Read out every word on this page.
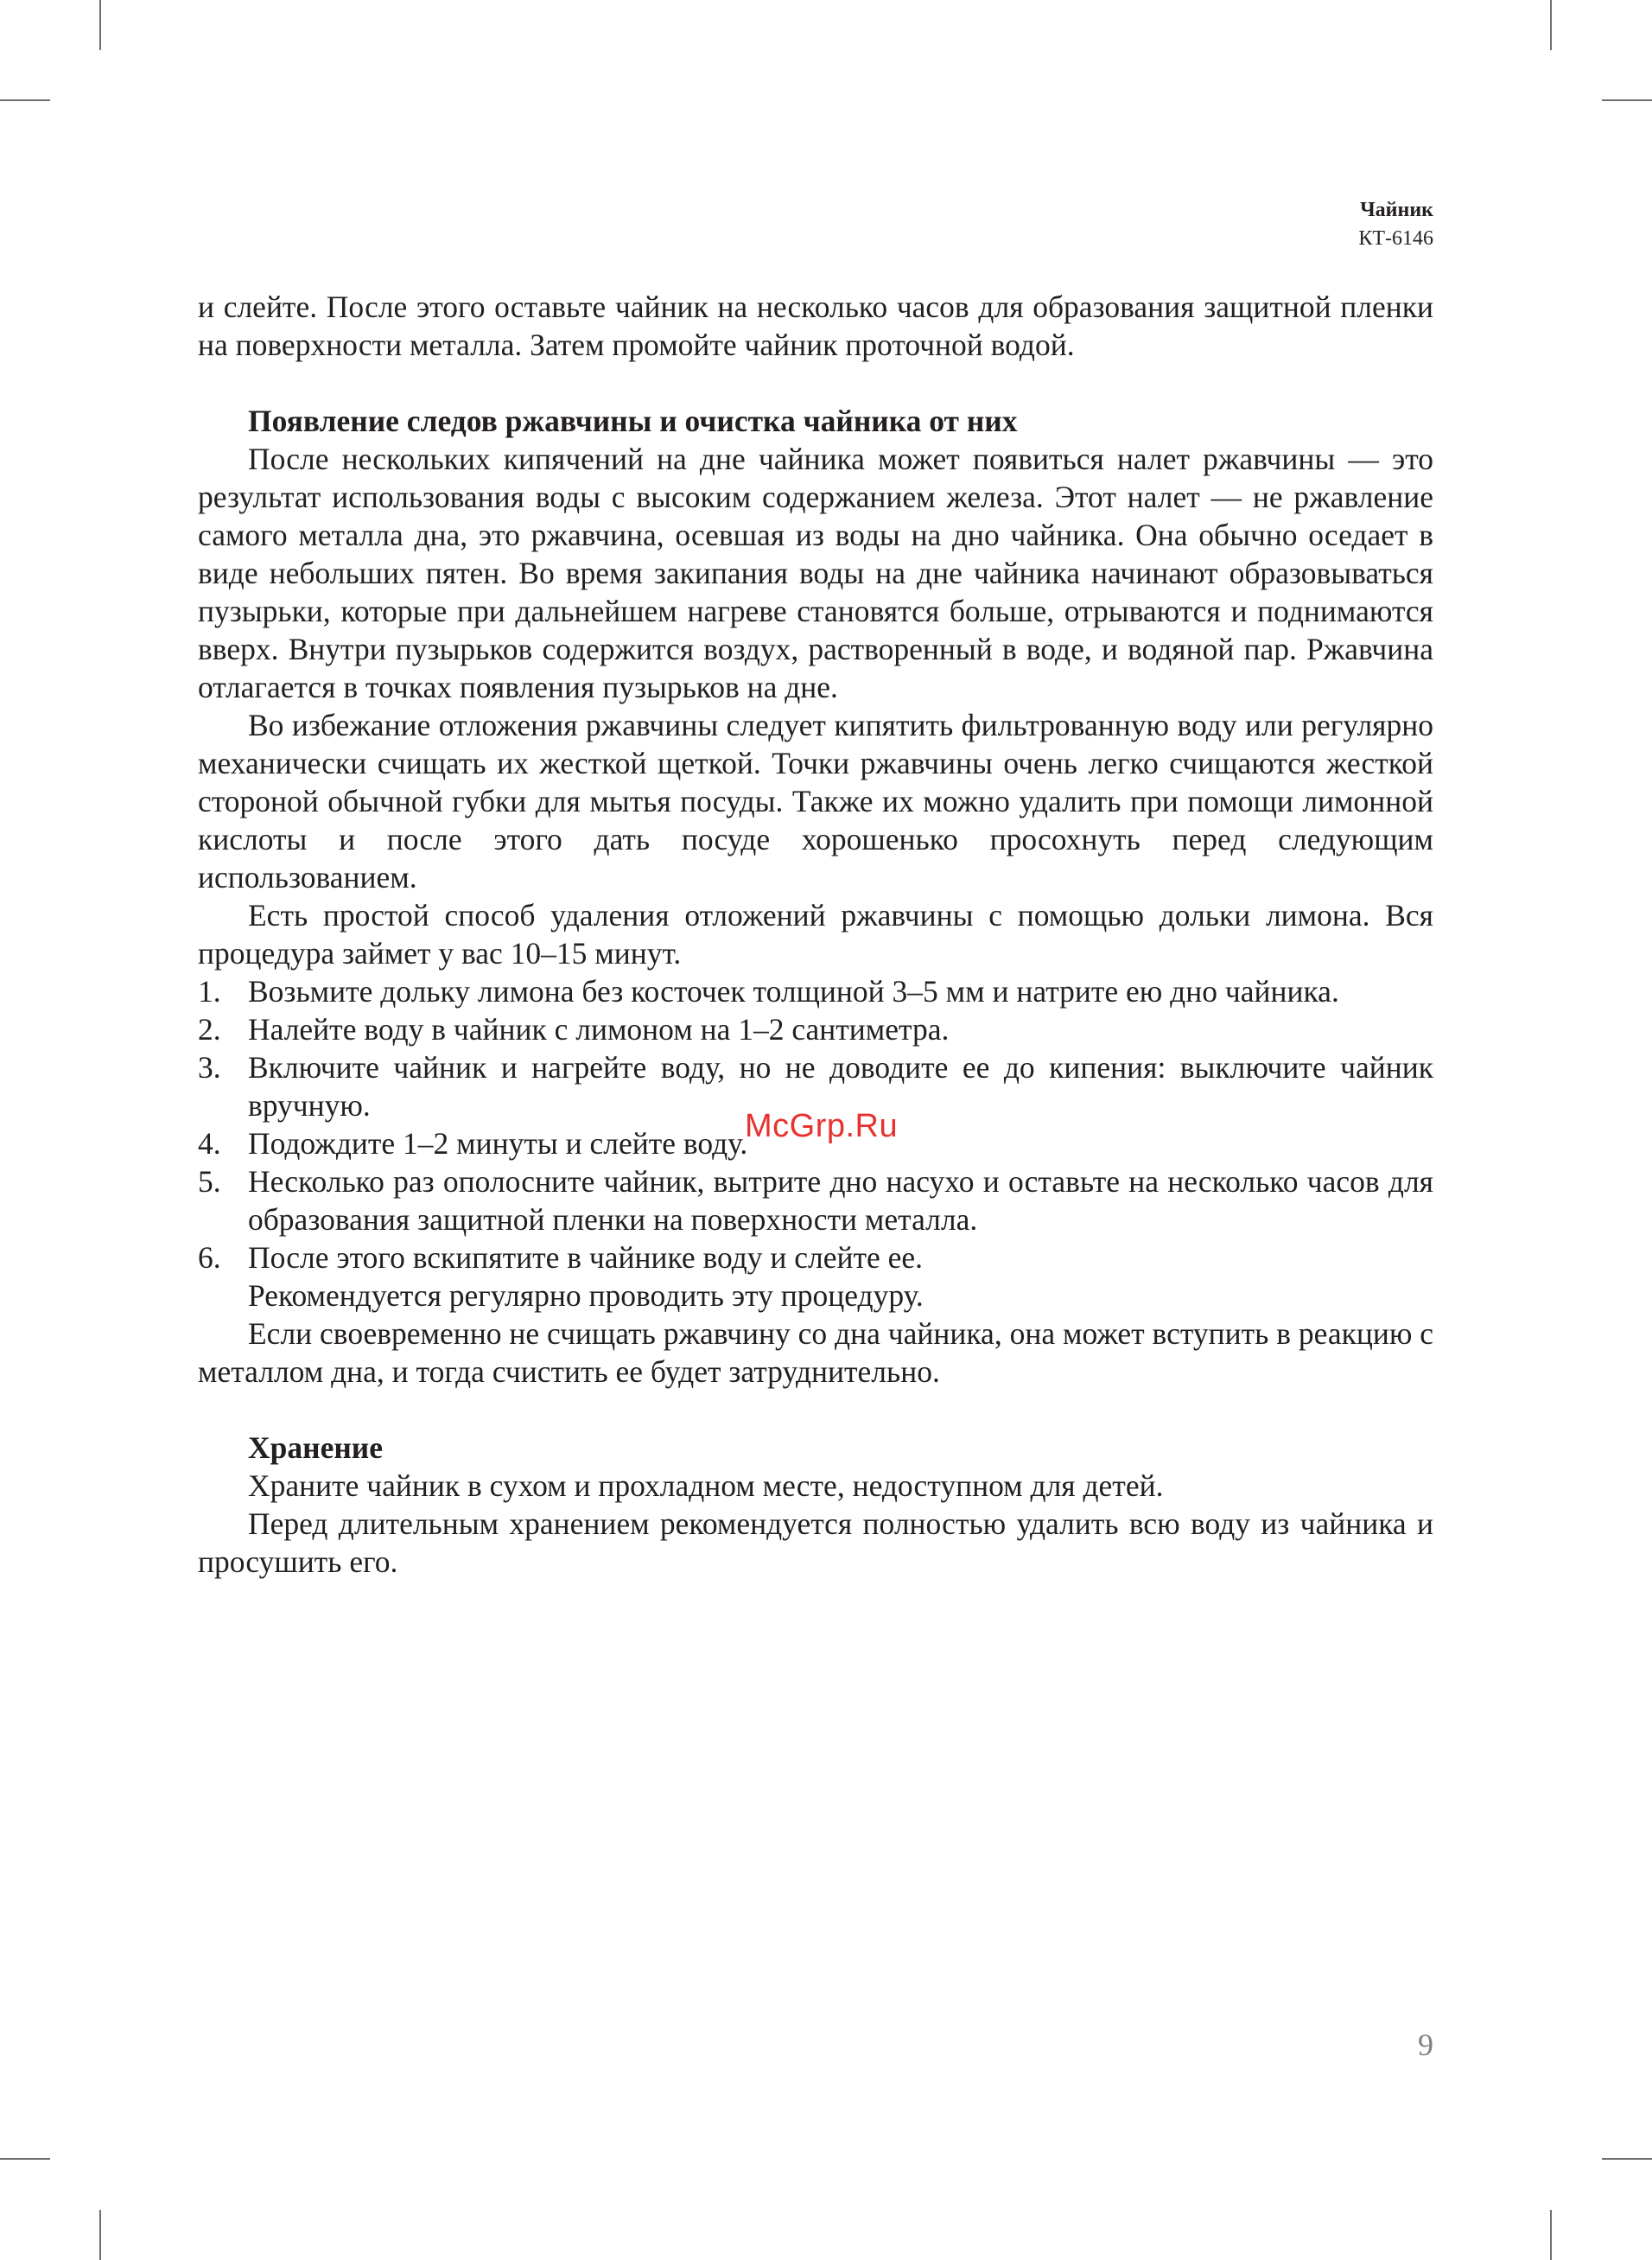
Чайник
КТ-6146

и слейте. После этого оставьте чайник на несколько часов для образования защитной пленки на поверхности металла. Затем промойте чайник проточной водой.

Появление следов ржавчины и очистка чайника от них

После нескольких кипячений на дне чайника может появиться налет ржавчины — это результат использования воды с высоким содержанием железа. Этот налет — не ржавление самого металла дна, это ржавчина, осевшая из воды на дно чайника. Она обычно оседает в виде небольших пятен. Во время закипания воды на дне чайника начинают образовываться пузырьки, которые при дальнейшем нагреве становятся больше, отрываются и поднимаются вверх. Внутри пузырьков содержится воздух, растворенный в воде, и водяной пар. Ржавчина отлагается в точках появления пузырьков на дне.

Во избежание отложения ржавчины следует кипятить фильтрованную воду или регулярно механически счищать их жесткой щеткой. Точки ржавчины очень легко счищаются жесткой стороной обычной губки для мытья посуды. Также их можно удалить при помощи лимонной кислоты и после этого дать посуде хорошенько просохнуть перед следующим использованием.

Есть простой способ удаления отложений ржавчины с помощью дольки лимона. Вся процедура займет у вас 10–15 минут.

1. Возьмите дольку лимона без косточек толщиной 3–5 мм и натрите ею дно чайника.
2. Налейте воду в чайник с лимоном на 1–2 сантиметра.
3. Включите чайник и нагрейте воду, но не доводите ее до кипения: выключите чайник вручную.
4. Подождите 1–2 минуты и слейте воду.
5. Несколько раз ополосните чайник, вытрите дно насухо и оставьте на несколько часов для образования защитной пленки на поверхности металла.
6. После этого вскипятите в чайнике воду и слейте ее.

Рекомендуется регулярно проводить эту процедуру.

Если своевременно не счищать ржавчину со дна чайника, она может вступить в реакцию с металлом дна, и тогда счистить ее будет затруднительно.

Хранение

Храните чайник в сухом и прохладном месте, недоступном для детей.

Перед длительным хранением рекомендуется полностью удалить всю воду из чайника и просушить его.

McGrp.Ru
9
